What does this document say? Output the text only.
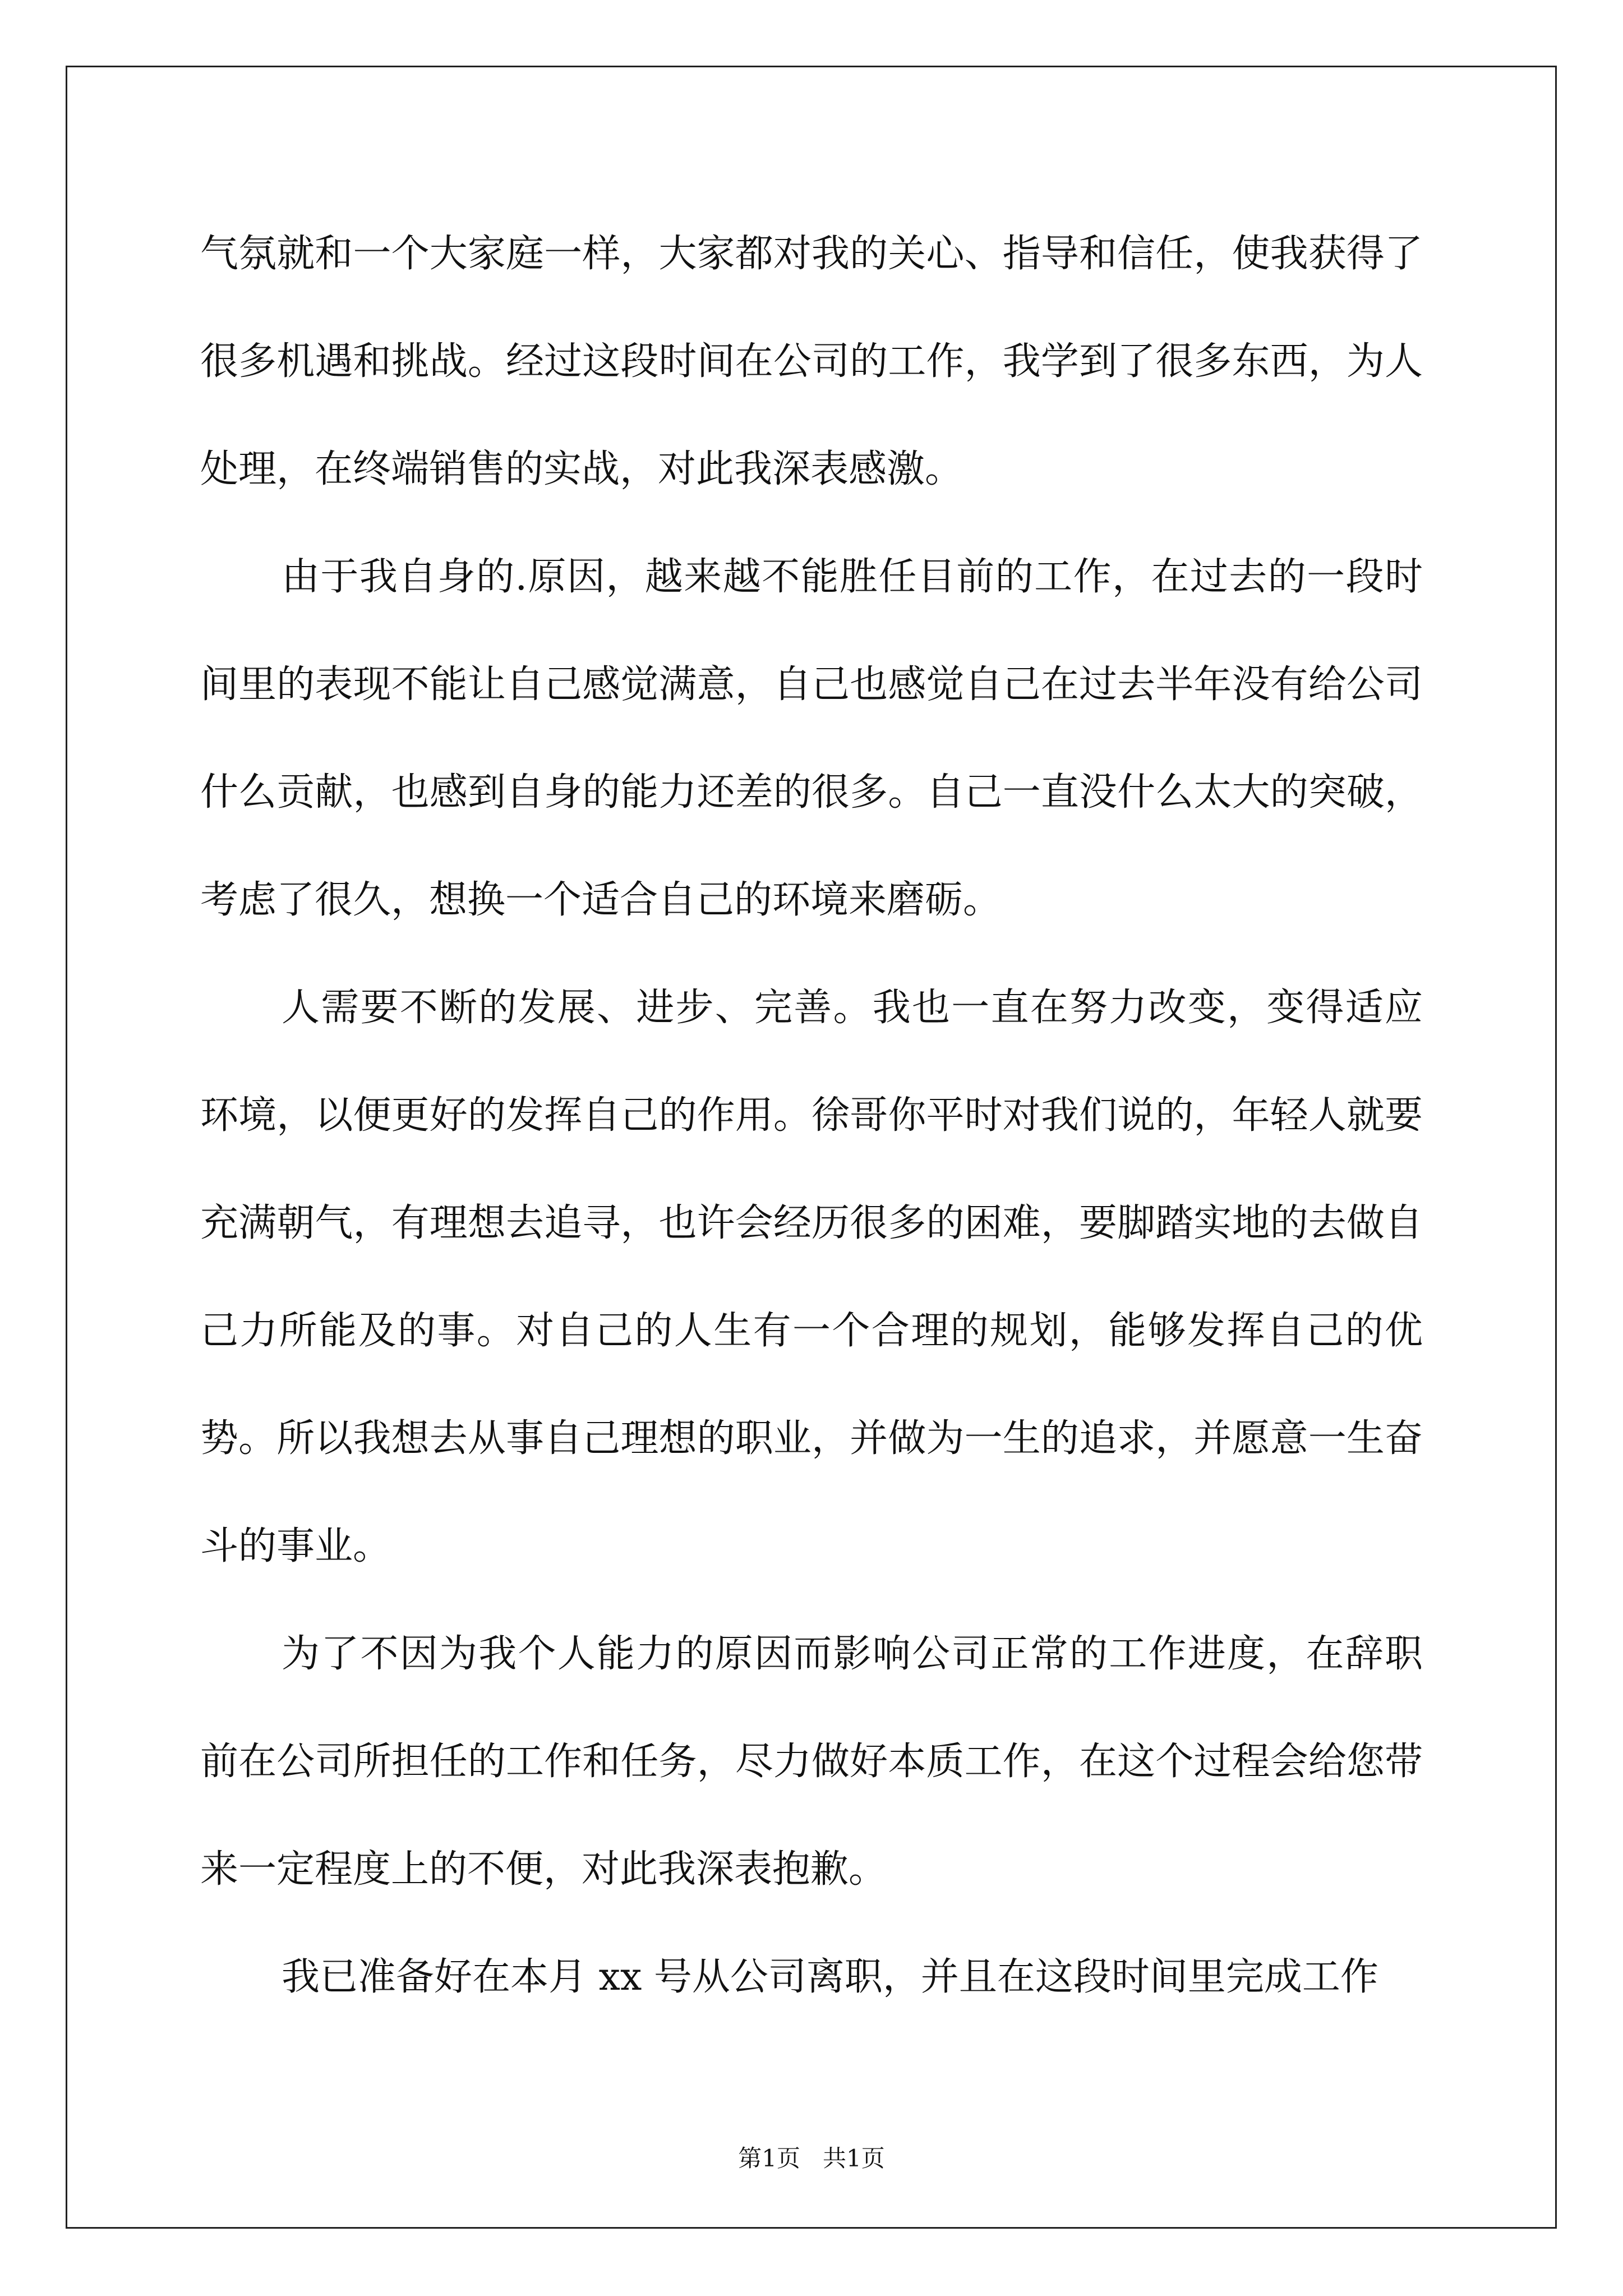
气氛就和一个大家庭一样，大家都对我的关心、指导和信任，使我获得了很多机遇和挑战。经过这段时间在公司的工作，我学到了很多东西，为人处理，在终端销售的实战，对此我深表感激。

由于我自身的.原因，越来越不能胜任目前的工作，在过去的一段时间里的表现不能让自己感觉满意，自己也感觉自己在过去半年没有给公司什么贡献，也感到自身的能力还差的很多。自己一直没什么太大的突破，考虑了很久，想换一个适合自己的环境来磨砺。

人需要不断的发展、进步、完善。我也一直在努力改变，变得适应环境，以便更好的发挥自己的作用。徐哥你平时对我们说的，年轻人就要充满朝气，有理想去追寻，也许会经历很多的困难，要脚踏实地的去做自己力所能及的事。对自己的人生有一个合理的规划，能够发挥自己的优势。所以我想去从事自己理想的职业，并做为一生的追求，并愿意一生奋斗的事业。

为了不因为我个人能力的原因而影响公司正常的工作进度，在辞职前在公司所担任的工作和任务，尽力做好本质工作，在这个过程会给您带来一定程度上的不便，对此我深表抱歉。

我已准备好在本月 xx 号从公司离职，并且在这段时间里完成工作

第1页   共1页
